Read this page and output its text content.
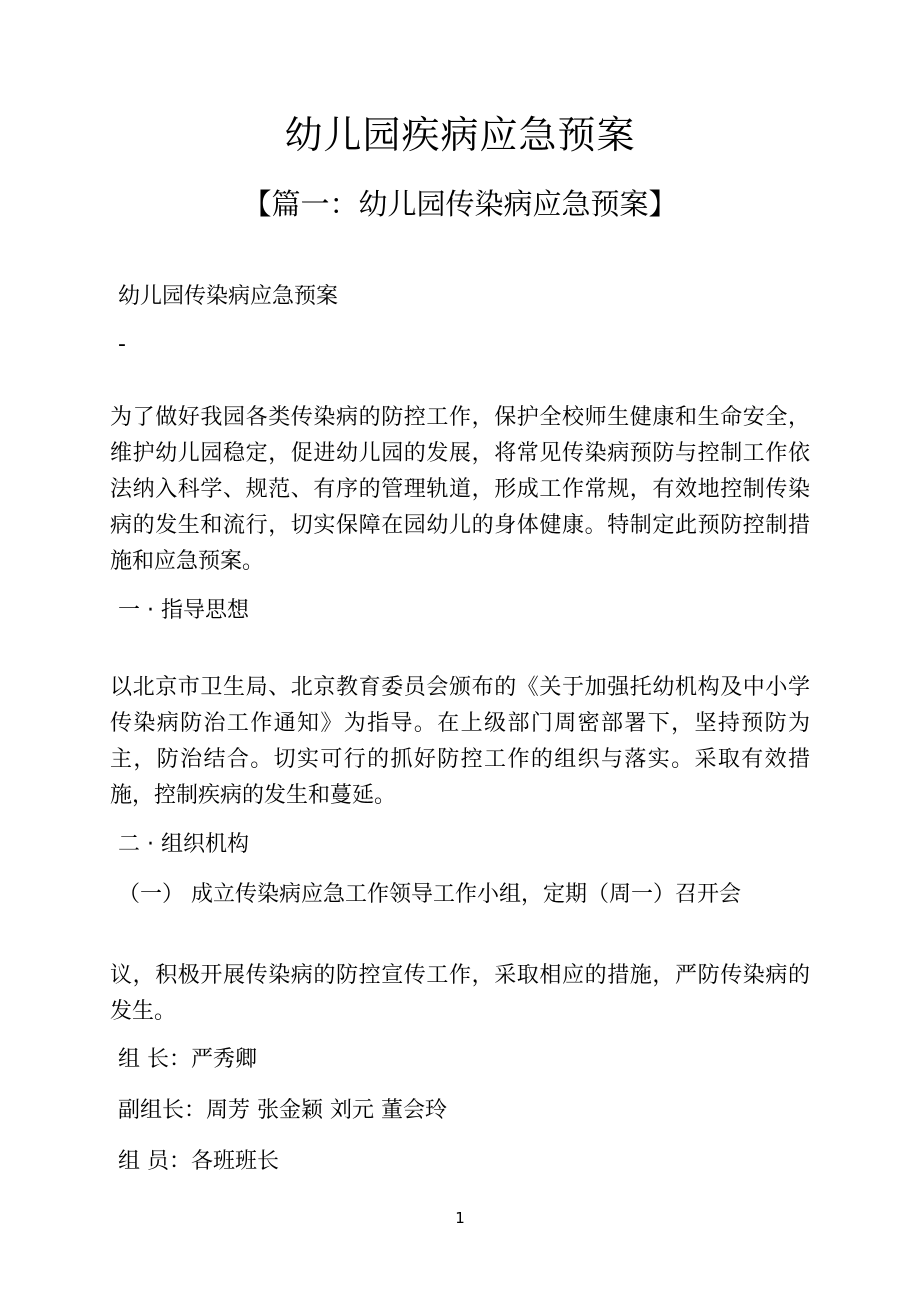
幼儿园疾病应急预案
【篇一：幼儿园传染病应急预案】
幼儿园传染病应急预案
-
为了做好我园各类传染病的防控工作，保护全校师生健康和生命安全，维护幼儿园稳定，促进幼儿园的发展，将常见传染病预防与控制工作依法纳入科学、规范、有序的管理轨道，形成工作常规，有效地控制传染病的发生和流行，切实保障在园幼儿的身体健康。特制定此预防控制措施和应急预案。
一 · 指导思想
以北京市卫生局、北京教育委员会颁布的《关于加强托幼机构及中小学传染病防治工作通知》为指导。在上级部门周密部署下，坚持预防为主，防治结合。切实可行的抓好防控工作的组织与落实。采取有效措施，控制疾病的发生和蔓延。
二 · 组织机构
（一） 成立传染病应急工作领导工作小组，定期（周一）召开会
议，积极开展传染病的防控宣传工作，采取相应的措施，严防传染病的发生。
组 长：严秀卿
副组长：周芳 张金颖 刘元 董会玲
组 员：各班班长
1
